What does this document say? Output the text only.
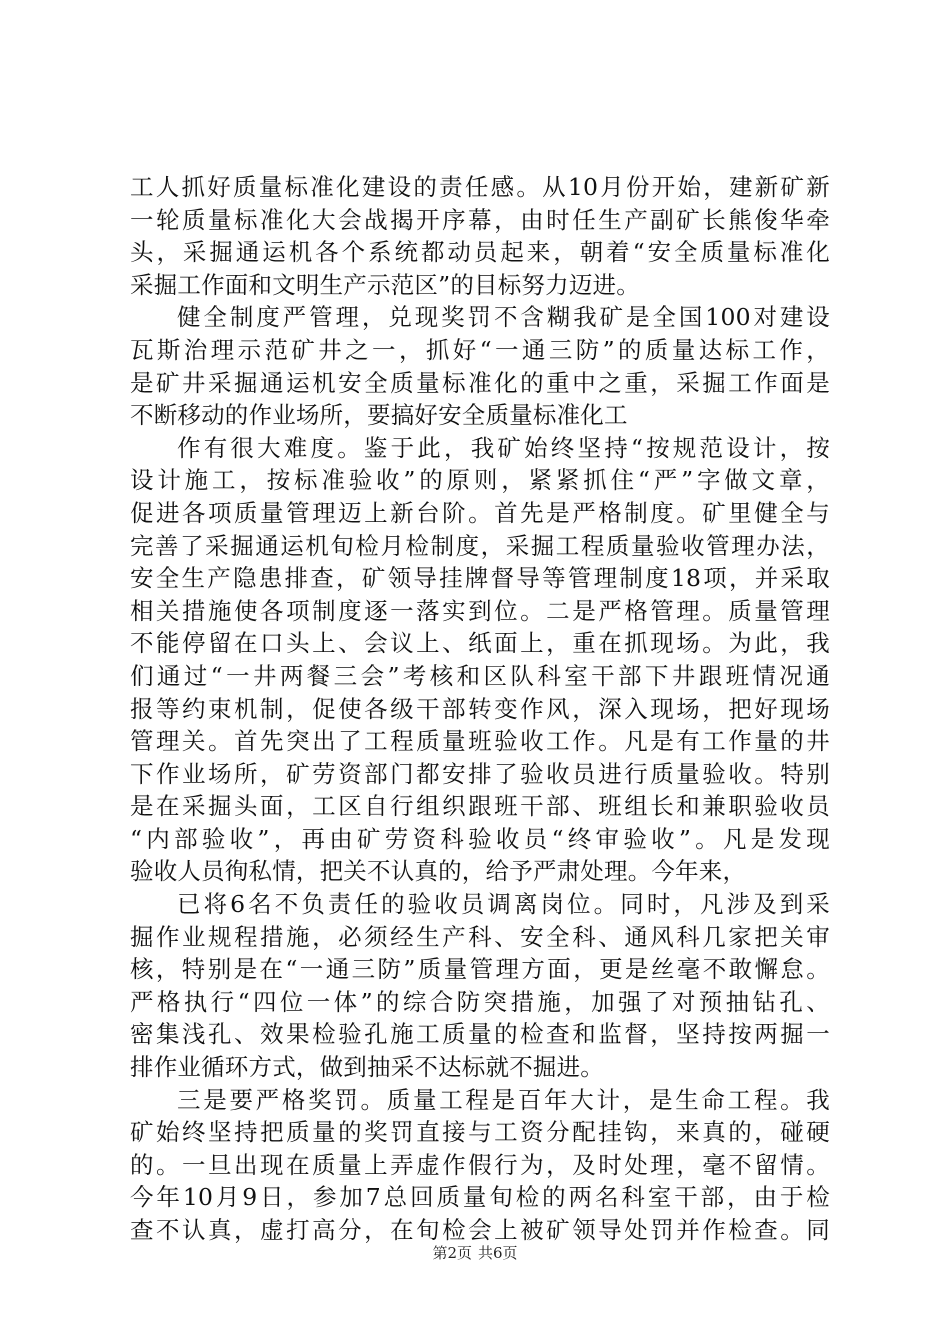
工人抓好质量标准化建设的责任感。从10月份开始，建新矿新
一轮质量标准化大会战揭开序幕，由时任生产副矿长熊俊华牵
头，采掘通运机各个系统都动员起来，朝着“安全质量标准化
采掘工作面和文明生产示范区”的目标努力迈进。
健全制度严管理，兑现奖罚不含糊我矿是全国100对建设
瓦斯治理示范矿井之一，抓好“一通三防”的质量达标工作，
是矿井采掘通运机安全质量标准化的重中之重，采掘工作面是
不断移动的作业场所，要搞好安全质量标准化工
作有很大难度。鉴于此，我矿始终坚持“按规范设计，按
设计施工，按标准验收”的原则，紧紧抓住“严”字做文章，
促进各项质量管理迈上新台阶。首先是严格制度。矿里健全与
完善了采掘通运机旬检月检制度，采掘工程质量验收管理办法，
安全生产隐患排查，矿领导挂牌督导等管理制度18项，并采取
相关措施使各项制度逐一落实到位。二是严格管理。质量管理
不能停留在口头上、会议上、纸面上，重在抓现场。为此，我
们通过“一井两餐三会”考核和区队科室干部下井跟班情况通
报等约束机制，促使各级干部转变作风，深入现场，把好现场
管理关。首先突出了工程质量班验收工作。凡是有工作量的井
下作业场所，矿劳资部门都安排了验收员进行质量验收。特别
是在采掘头面，工区自行组织跟班干部、班组长和兼职验收员
“内部验收”，再由矿劳资科验收员“终审验收”。凡是发现
验收人员徇私情，把关不认真的，给予严肃处理。今年来，
已将6名不负责任的验收员调离岗位。同时，凡涉及到采
掘作业规程措施，必须经生产科、安全科、通风科几家把关审
核，特别是在“一通三防”质量管理方面，更是丝毫不敢懈怠。
严格执行“四位一体”的综合防突措施，加强了对预抽钻孔、
密集浅孔、效果检验孔施工质量的检查和监督，坚持按两掘一
排作业循环方式，做到抽采不达标就不掘进。
三是要严格奖罚。质量工程是百年大计，是生命工程。我
矿始终坚持把质量的奖罚直接与工资分配挂钩，来真的，碰硬
的。一旦出现在质量上弄虚作假行为，及时处理，毫不留情。
今年10月9日，参加7总回质量旬检的两名科室干部，由于检
查不认真，虚打高分，在旬检会上被矿领导处罚并作检查。同
第2页 共6页
